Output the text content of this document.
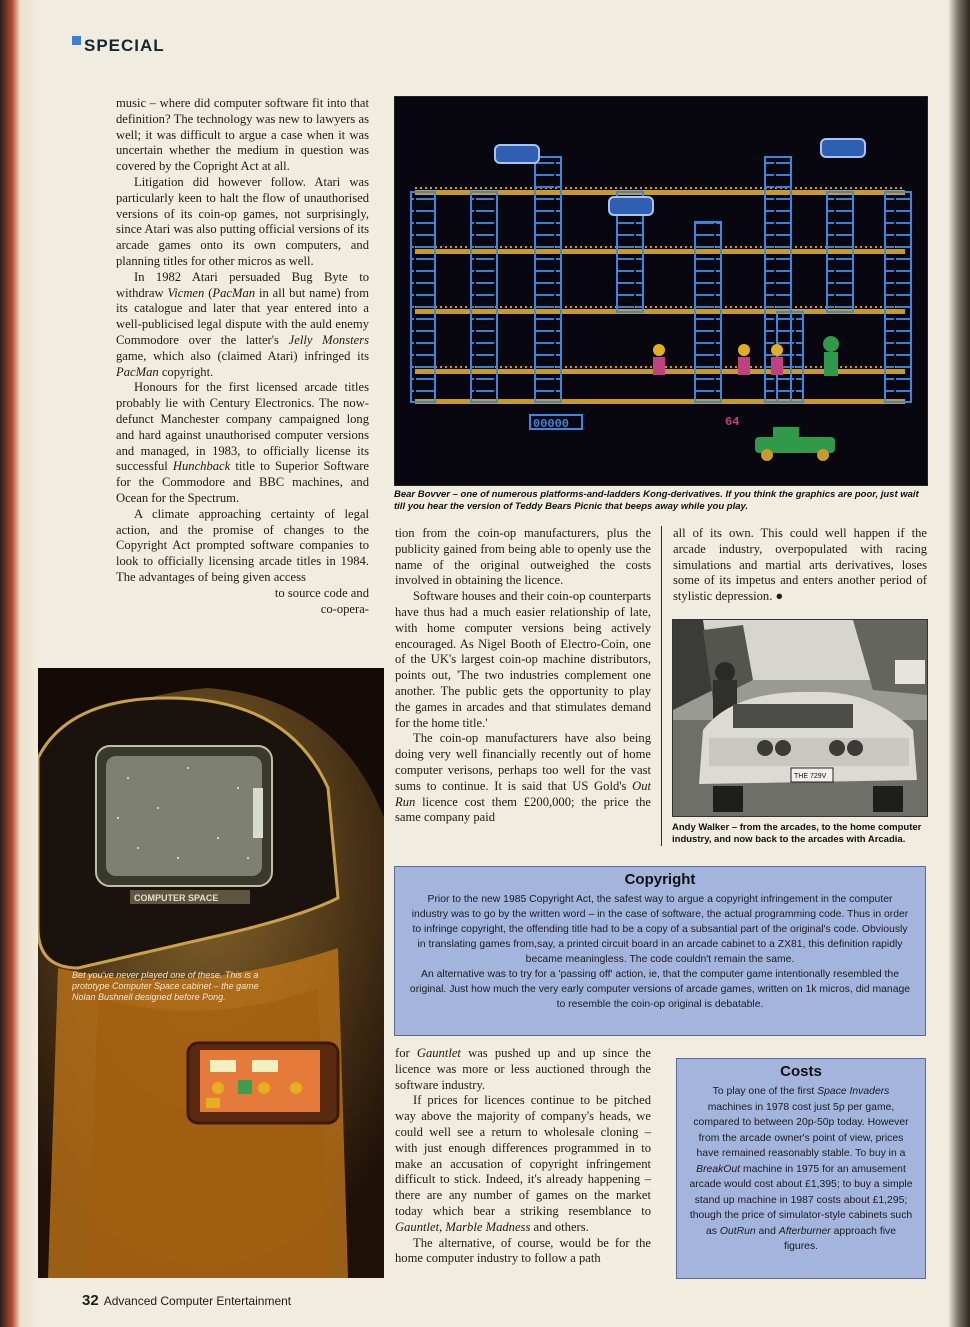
SPECIAL

music – where did computer software fit into that definition? The technology was new to lawyers as well; it was difficult to argue a case when it was uncertain whether the medium in question was covered by the Copright Act at all.

Litigation did however follow. Atari was particularly keen to halt the flow of unauthorised versions of its coin-op games, not surprisingly, since Atari was also putting official versions of its arcade games onto its own computers, and planning titles for other micros as well.

In 1982 Atari persuaded Bug Byte to withdraw Vicmen (PacMan in all but name) from its catalogue and later that year entered into a well-publicised legal dispute with the auld enemy Commodore over the latter's Jelly Monsters game, which also (claimed Atari) infringed its PacMan copyright.

Honours for the first licensed arcade titles probably lie with Century Electronics. The now-defunct Manchester company campaigned long and hard against unauthorised computer versions and managed, in 1983, to officially license its successful Hunchback title to Superior Software for the Commodore and BBC machines, and Ocean for the Spectrum.

A climate approaching certainty of legal action, and the promise of changes to the Copyright Act prompted software companies to look to officially licensing arcade titles in 1984. The advantages of being given access

to source code and
co-opera-
00000	64
Bear Bovver – one of numerous platforms-and-ladders Kong-derivatives. If you think the graphics are poor, just wait till you hear the version of Teddy Bears Picnic that beeps away while you play.

tion from the coin-op manufacturers, plus the publicity gained from being able to openly use the name of the original outweighed the costs involved in obtaining the licence.

Software houses and their coin-op counterparts have thus had a much easier relationship of late, with home computer versions being actively encouraged. As Nigel Booth of Electro-Coin, one of the UK's largest coin-op machine distributors, points out, 'The two industries complement one another. The public gets the opportunity to play the games in arcades and that stimulates demand for the home title.'

The coin-op manufacturers have also being doing very well financially recently out of home computer verisons, perhaps too well for the vast sums to continue. It is said that US Gold's Out Run licence cost them £200,000; the price the same company paid

all of its own. This could well happen if the arcade industry, overpopulated with racing simulations and martial arts derivatives, loses some of its impetus and enters another period of stylistic depression. ●

THE 729V
Andy Walker – from the arcades, to the home computer industry, and now back to the arcades with Arcadia.
COMPUTER SPACE
Bet you've never played one of these. This is a prototype Computer Space cabinet – the game Nolan Bushnell designed before Pong.
Copyright

Prior to the new 1985 Copyright Act, the safest way to argue a copyright infringement in the computer industry was to go by the written word – in the case of software, the actual programming code. Thus in order to infringe copyright, the offending title had to be a copy of a subsantial part of the original's code. Obviously in translating games from,say, a printed circuit board in an arcade cabinet to a ZX81, this definition rapidly became meaningless. The code couldn't remain the same.

An alternative was to try for a 'passing off' action, ie, that the computer game intentionally resembled the original. Just how much the very early computer versions of arcade games, written on 1k micros, did manage to resemble the coin-op original is debatable.

for Gauntlet was pushed up and up since the licence was more or less auctioned through the software industry.

If prices for licences continue to be pitched way above the majority of company's heads, we could well see a return to wholesale cloning – with just enough differences programmed in to make an accusation of copyright infringement difficult to stick. Indeed, it's already happening – there are any number of games on the market today which bear a striking resemblance to Gauntlet, Marble Madness and others.

The alternative, of course, would be for the home computer industry to follow a path

Costs

To play one of the first Space Invaders machines in 1978 cost just 5p per game, compared to between 20p-50p today. However from the arcade owner's point of view, prices have remained reasonably stable. To buy in a BreakOut machine in 1975 for an amusement arcade would cost about £1,395; to buy a simple stand up machine in 1987 costs about £1,295; though the price of simulator-style cabinets such as OutRun and Afterburner approach five figures.

32 Advanced Computer Entertainment
